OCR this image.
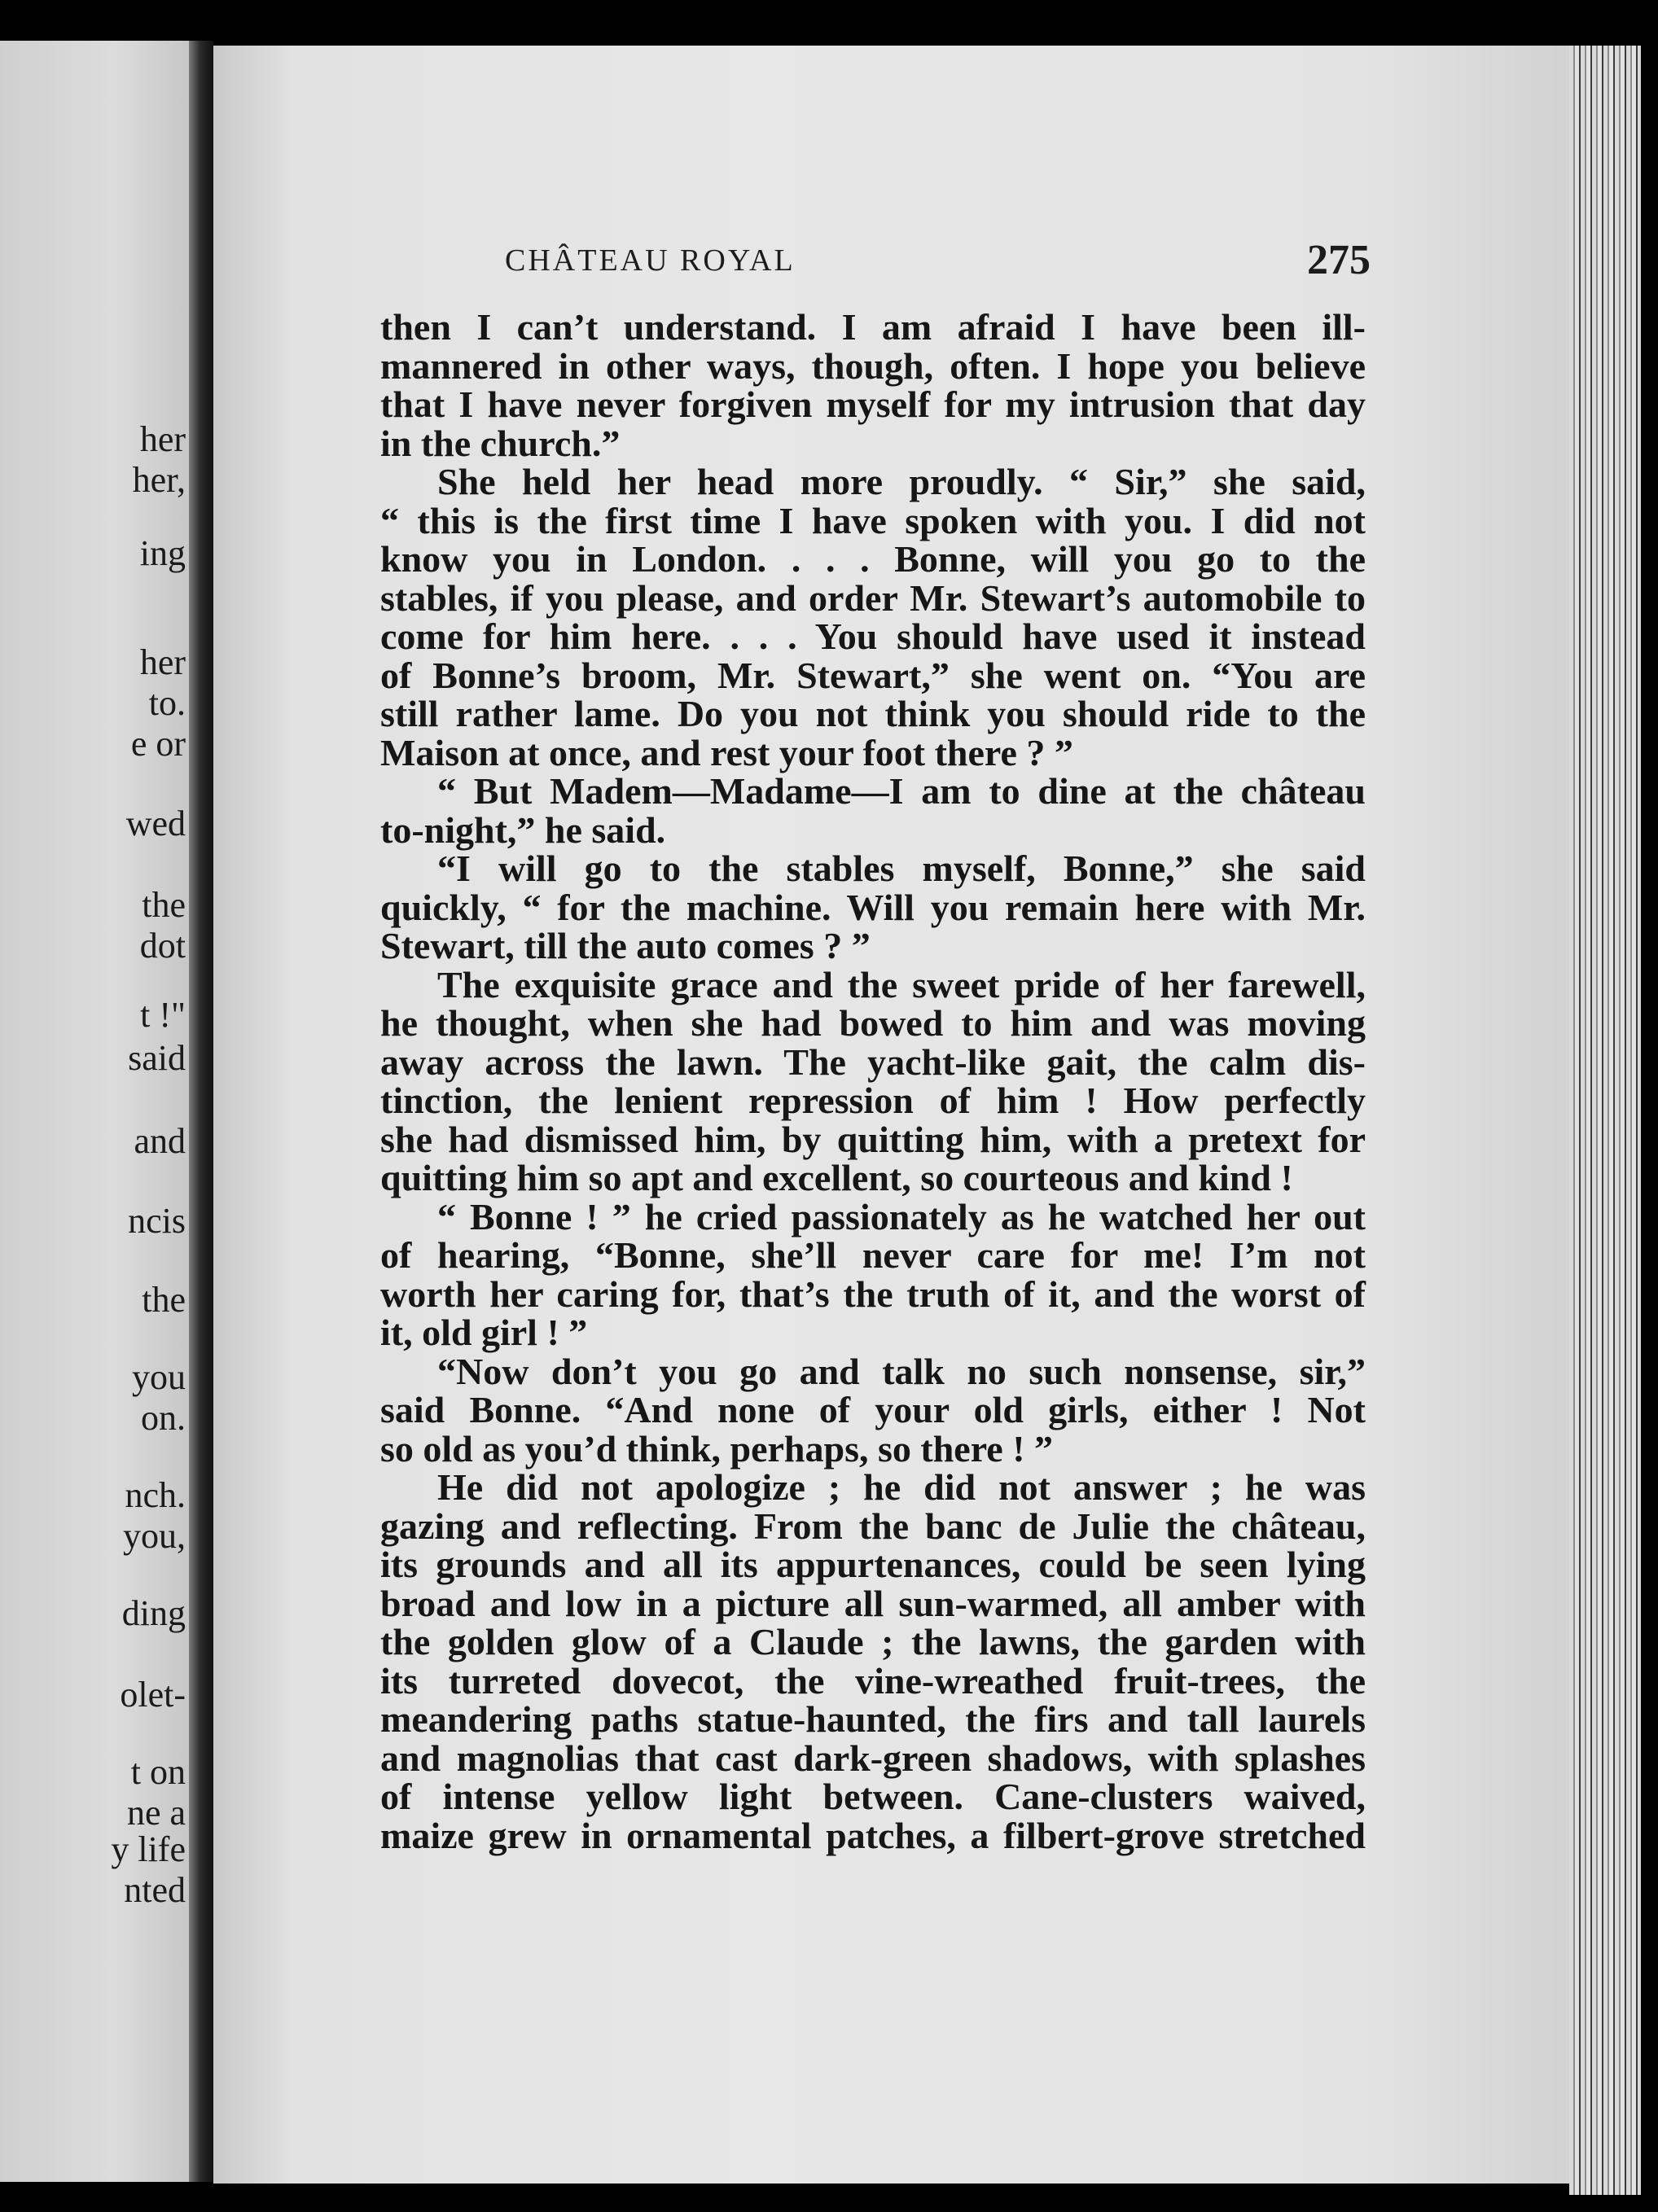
her
her,
ing
her
to.
e or
wed
the
dot
t !"
said
and
ncis
the
you
on.
nch.
you,
ding
olet-
t on
ne a
y life
nted
CHÂTEAU ROYAL	275
then I can’t understand. I am afraid I have been ill-
mannered in other ways, though, often. I hope you believe
that I have never forgiven myself for my intrusion that day
in the church.”
She held her head more proudly. “ Sir,” she said,
“ this is the first time I have spoken with you. I did not
know you in London. . . . Bonne, will you go to the
stables, if you please, and order Mr. Stewart’s automobile to
come for him here. . . . You should have used it instead
of Bonne’s broom, Mr. Stewart,” she went on. “You are
still rather lame. Do you not think you should ride to the
Maison at once, and rest your foot there ? ”
“ But Madem—Madame—I am to dine at the château
to-night,” he said.
“I will go to the stables myself, Bonne,” she said
quickly, “ for the machine. Will you remain here with Mr.
Stewart, till the auto comes ? ”
The exquisite grace and the sweet pride of her farewell,
he thought, when she had bowed to him and was moving
away across the lawn. The yacht-like gait, the calm dis-
tinction, the lenient repression of him ! How perfectly
she had dismissed him, by quitting him, with a pretext for
quitting him so apt and excellent, so courteous and kind !
“ Bonne ! ” he cried passionately as he watched her out
of hearing, “Bonne, she’ll never care for me! I’m not
worth her caring for, that’s the truth of it, and the worst of
it, old girl ! ”
“Now don’t you go and talk no such nonsense, sir,”
said Bonne. “And none of your old girls, either ! Not
so old as you’d think, perhaps, so there ! ”
He did not apologize ; he did not answer ; he was
gazing and reflecting. From the banc de Julie the château,
its grounds and all its appurtenances, could be seen lying
broad and low in a picture all sun-warmed, all amber with
the golden glow of a Claude ; the lawns, the garden with
its turreted dovecot, the vine-wreathed fruit-trees, the
meandering paths statue-haunted, the firs and tall laurels
and magnolias that cast dark-green shadows, with splashes
of intense yellow light between. Cane-clusters waived,
maize grew in ornamental patches, a filbert-grove stretched
